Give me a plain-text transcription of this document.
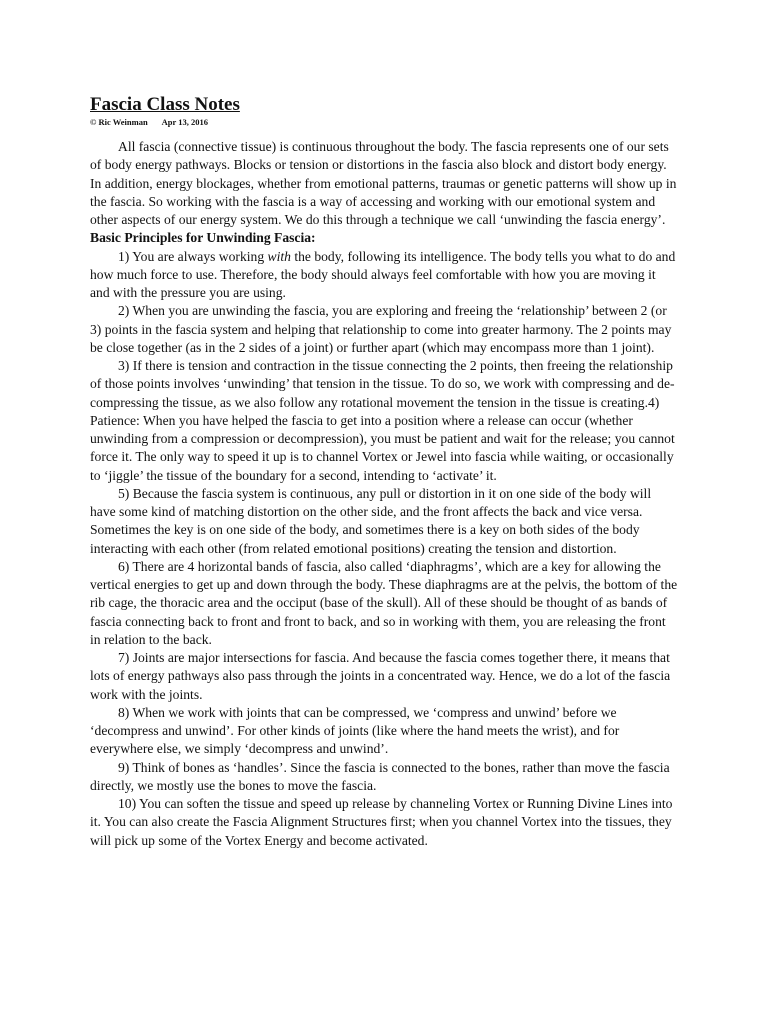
Fascia Class Notes
© Ric Weinman Apr 13, 2016

All fascia (connective tissue) is continuous throughout the body. The fascia represents one of our sets of body energy pathways. Blocks or tension or distortions in the fascia also block and distort body energy. In addition, energy blockages, whether from emotional patterns, traumas or genetic patterns will show up in the fascia. So working with the fascia is a way of accessing and working with our emotional system and other aspects of our energy system. We do this through a technique we call ‘unwinding the fascia energy’.

Basic Principles for Unwinding Fascia:

1) You are always working with the body, following its intelligence. The body tells you what to do and how much force to use. Therefore, the body should always feel comfortable with how you are moving it and with the pressure you are using.

2) When you are unwinding the fascia, you are exploring and freeing the ‘relationship’ between 2 (or 3) points in the fascia system and helping that relationship to come into greater harmony. The 2 points may be close together (as in the 2 sides of a joint) or further apart (which may encompass more than 1 joint).

3) If there is tension and contraction in the tissue connecting the 2 points, then freeing the relationship of those points involves ‘unwinding’ that tension in the tissue. To do so, we work with compressing and de-compressing the tissue, as we also follow any rotational movement the tension in the tissue is creating.4) Patience: When you have helped the fascia to get into a position where a release can occur (whether unwinding from a compression or decompression), you must be patient and wait for the release; you cannot force it. The only way to speed it up is to channel Vortex or Jewel into fascia while waiting, or occasionally to ‘jiggle’ the tissue of the boundary for a second, intending to ‘activate’ it.

5) Because the fascia system is continuous, any pull or distortion in it on one side of the body will have some kind of matching distortion on the other side, and the front affects the back and vice versa. Sometimes the key is on one side of the body, and sometimes there is a key on both sides of the body interacting with each other (from related emotional positions) creating the tension and distortion.

6) There are 4 horizontal bands of fascia, also called ‘diaphragms’, which are a key for allowing the vertical energies to get up and down through the body. These diaphragms are at the pelvis, the bottom of the rib cage, the thoracic area and the occiput (base of the skull). All of these should be thought of as bands of fascia connecting back to front and front to back, and so in working with them, you are releasing the front in relation to the back.

7) Joints are major intersections for fascia. And because the fascia comes together there, it means that lots of energy pathways also pass through the joints in a concentrated way. Hence, we do a lot of the fascia work with the joints.

8) When we work with joints that can be compressed, we ‘compress and unwind’ before we ‘decompress and unwind’. For other kinds of joints (like where the hand meets the wrist), and for everywhere else, we simply ‘decompress and unwind’.

9) Think of bones as ‘handles’. Since the fascia is connected to the bones, rather than move the fascia directly, we mostly use the bones to move the fascia.

10) You can soften the tissue and speed up release by channeling Vortex or Running Divine Lines into it. You can also create the Fascia Alignment Structures first; when you channel Vortex into the tissues, they will pick up some of the Vortex Energy and become activated.
